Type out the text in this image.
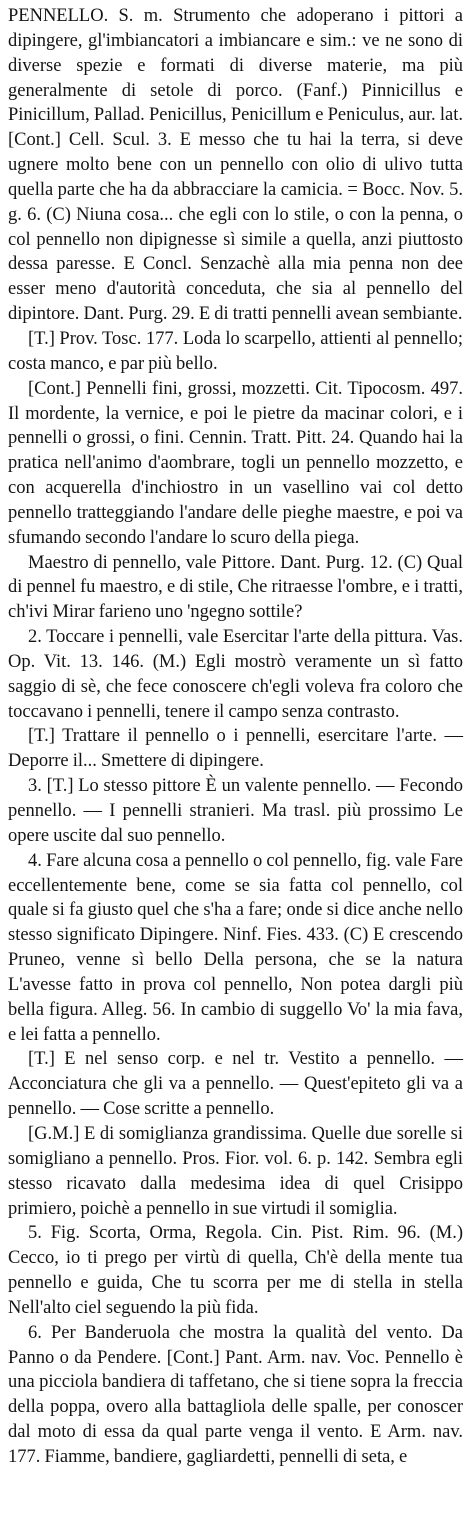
PENNELLO. S. m. Strumento che adoperano i pittori a dipingere, gl'imbiancatori a imbiancare e sim.: ve ne sono di diverse spezie e formati di diverse materie, ma più generalmente di setole di porco. (Fanf.) Pinnicillus e Pinicillum, Pallad. Penicillus, Penicillum e Peniculus, aur. lat. [Cont.] Cell. Scul. 3. E messo che tu hai la terra, si deve ugnere molto bene con un pennello con olio di ulivo tutta quella parte che ha da abbracciare la camicia. = Bocc. Nov. 5. g. 6. (C) Niuna cosa... che egli con lo stile, o con la penna, o col pennello non dipignesse sì simile a quella, anzi piuttosto dessa paresse. E Concl. Senzachè alla mia penna non dee esser meno d'autorità conceduta, che sia al pennello del dipintore. Dant. Purg. 29. E di tratti pennelli avean sembiante.

[T.] Prov. Tosc. 177. Loda lo scarpello, attienti al pennello; costa manco, e par più bello.

[Cont.] Pennelli fini, grossi, mozzetti. Cit. Tipocosm. 497. Il mordente, la vernice, e poi le pietre da macinar colori, e i pennelli o grossi, o fini. Cennin. Tratt. Pitt. 24. Quando hai la pratica nell'animo d'aombrare, togli un pennello mozzetto, e con acquerella d'inchiostro in un vasellino vai col detto pennello tratteggiando l'andare delle pieghe maestre, e poi va sfumando secondo l'andare lo scuro della piega.

Maestro di pennello, vale Pittore. Dant. Purg. 12. (C) Qual di pennel fu maestro, e di stile, Che ritraesse l'ombre, e i tratti, ch'ivi Mirar farieno uno 'ngegno sottile?

2. Toccare i pennelli, vale Esercitar l'arte della pittura. Vas. Op. Vit. 13. 146. (M.) Egli mostrò veramente un sì fatto saggio di sè, che fece conoscere ch'egli voleva fra coloro che toccavano i pennelli, tenere il campo senza contrasto.

[T.] Trattare il pennello o i pennelli, esercitare l'arte. — Deporre il... Smettere di dipingere.

3. [T.] Lo stesso pittore È un valente pennello. — Fecondo pennello. — I pennelli stranieri. Ma trasl. più prossimo Le opere uscite dal suo pennello.

4. Fare alcuna cosa a pennello o col pennello, fig. vale Fare eccellentemente bene, come se sia fatta col pennello, col quale si fa giusto quel che s'ha a fare; onde si dice anche nello stesso significato Dipingere. Ninf. Fies. 433. (C) E crescendo Pruneo, venne sì bello Della persona, che se la natura L'avesse fatto in prova col pennello, Non potea dargli più bella figura. Alleg. 56. In cambio di suggello Vo' la mia fava, e lei fatta a pennello.

[T.] E nel senso corp. e nel tr. Vestito a pennello. — Acconciatura che gli va a pennello. — Quest'epiteto gli va a pennello. — Cose scritte a pennello.

[G.M.] E di somiglianza grandissima. Quelle due sorelle si somigliano a pennello. Pros. Fior. vol. 6. p. 142. Sembra egli stesso ricavato dalla medesima idea di quel Crisippo primiero, poichè a pennello in sue virtudi il somiglia.

5. Fig. Scorta, Orma, Regola. Cin. Pist. Rim. 96. (M.) Cecco, io ti prego per virtù di quella, Ch'è della mente tua pennello e guida, Che tu scorra per me di stella in stella Nell'alto ciel seguendo la più fida.

6. Per Banderuola che mostra la qualità del vento. Da Panno o da Pendere. [Cont.] Pant. Arm. nav. Voc. Pennello è una picciola bandiera di taffetano, che si tiene sopra la freccia della poppa, overo alla battagliola delle spalle, per conoscer dal moto di essa da qual parte venga il vento. E Arm. nav. 177. Fiamme, bandiere, gagliardetti, pennelli di seta, e
